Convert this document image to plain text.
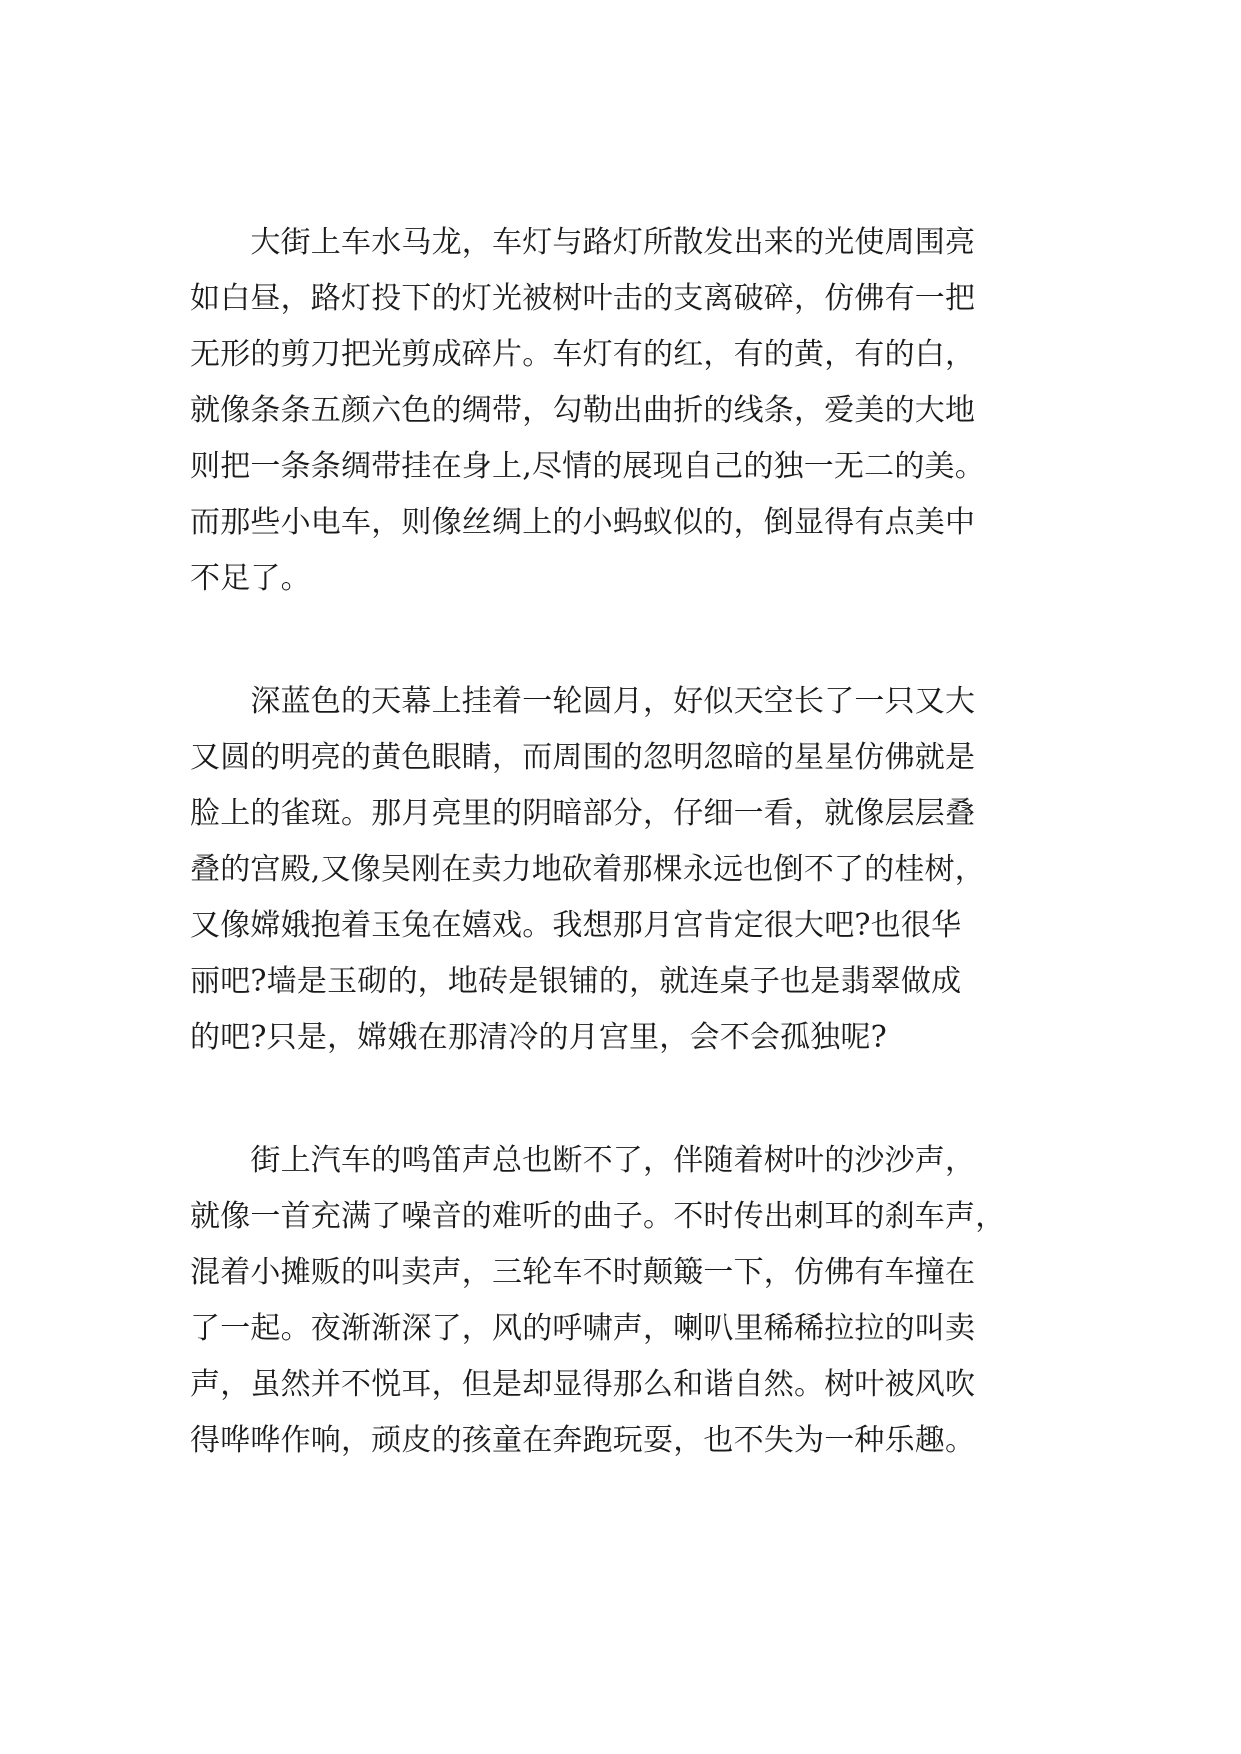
　　大街上车水马龙，车灯与路灯所散发出来的光使周围亮
如白昼，路灯投下的灯光被树叶击的支离破碎，仿佛有一把
无形的剪刀把光剪成碎片。车灯有的红，有的黄，有的白，
就像条条五颜六色的绸带，勾勒出曲折的线条，爱美的大地
则把一条条绸带挂在身上,尽情的展现自己的独一无二的美。
而那些小电车，则像丝绸上的小蚂蚁似的，倒显得有点美中
不足了。

　　深蓝色的天幕上挂着一轮圆月，好似天空长了一只又大
又圆的明亮的黄色眼睛，而周围的忽明忽暗的星星仿佛就是
脸上的雀斑。那月亮里的阴暗部分，仔细一看，就像层层叠
叠的宫殿,又像吴刚在卖力地砍着那棵永远也倒不了的桂树，
又像嫦娥抱着玉兔在嬉戏。我想那月宫肯定很大吧?也很华
丽吧?墙是玉砌的，地砖是银铺的，就连桌子也是翡翠做成
的吧?只是，嫦娥在那清冷的月宫里，会不会孤独呢?

　　街上汽车的鸣笛声总也断不了，伴随着树叶的沙沙声，
就像一首充满了噪音的难听的曲子。不时传出刺耳的刹车声，
混着小摊贩的叫卖声，三轮车不时颠簸一下，仿佛有车撞在
了一起。夜渐渐深了，风的呼啸声，喇叭里稀稀拉拉的叫卖
声，虽然并不悦耳，但是却显得那么和谐自然。树叶被风吹
得哗哗作响，顽皮的孩童在奔跑玩耍，也不失为一种乐趣。
